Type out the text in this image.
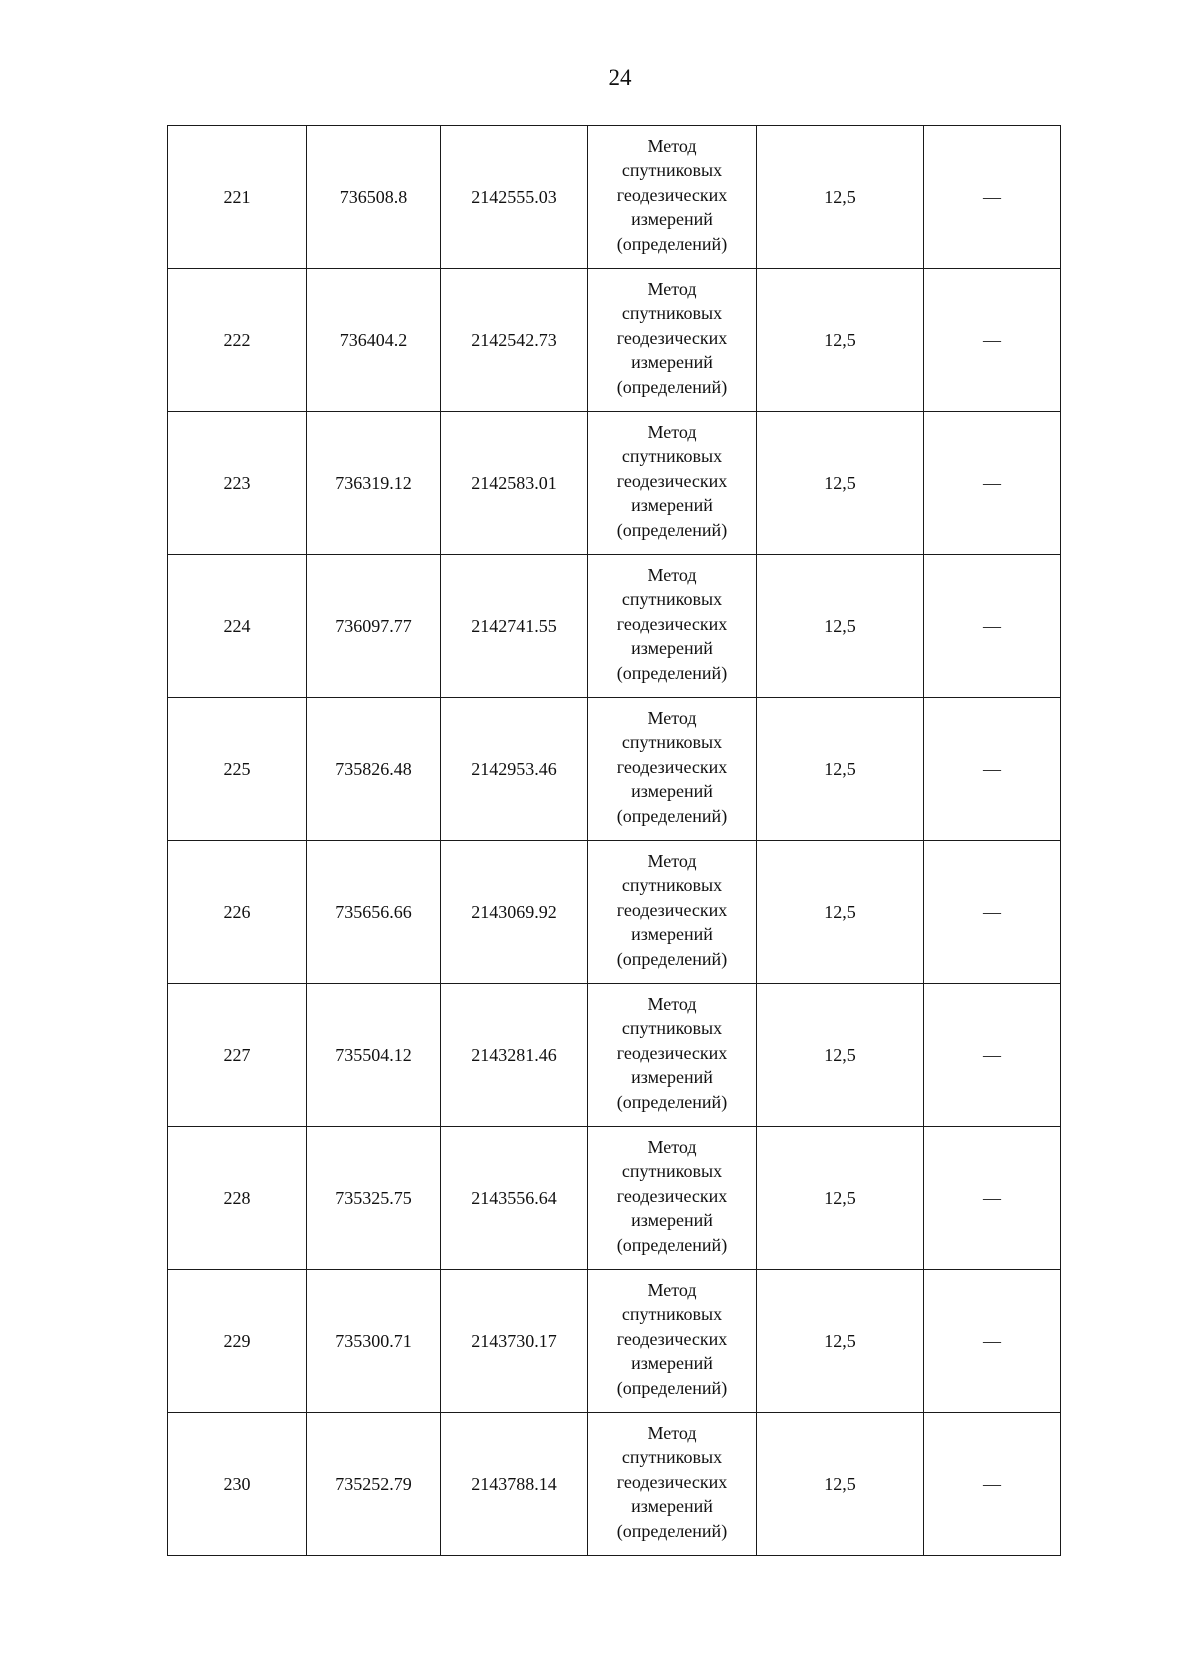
24
221	736508.8	2142555.03	Метод
спутниковых
геодезических
измерений
(определений)	12,5	—
222	736404.2	2142542.73	Метод
спутниковых
геодезических
измерений
(определений)	12,5	—
223	736319.12	2142583.01	Метод
спутниковых
геодезических
измерений
(определений)	12,5	—
224	736097.77	2142741.55	Метод
спутниковых
геодезических
измерений
(определений)	12,5	—
225	735826.48	2142953.46	Метод
спутниковых
геодезических
измерений
(определений)	12,5	—
226	735656.66	2143069.92	Метод
спутниковых
геодезических
измерений
(определений)	12,5	—
227	735504.12	2143281.46	Метод
спутниковых
геодезических
измерений
(определений)	12,5	—
228	735325.75	2143556.64	Метод
спутниковых
геодезических
измерений
(определений)	12,5	—
229	735300.71	2143730.17	Метод
спутниковых
геодезических
измерений
(определений)	12,5	—
230	735252.79	2143788.14	Метод
спутниковых
геодезических
измерений
(определений)	12,5	—
